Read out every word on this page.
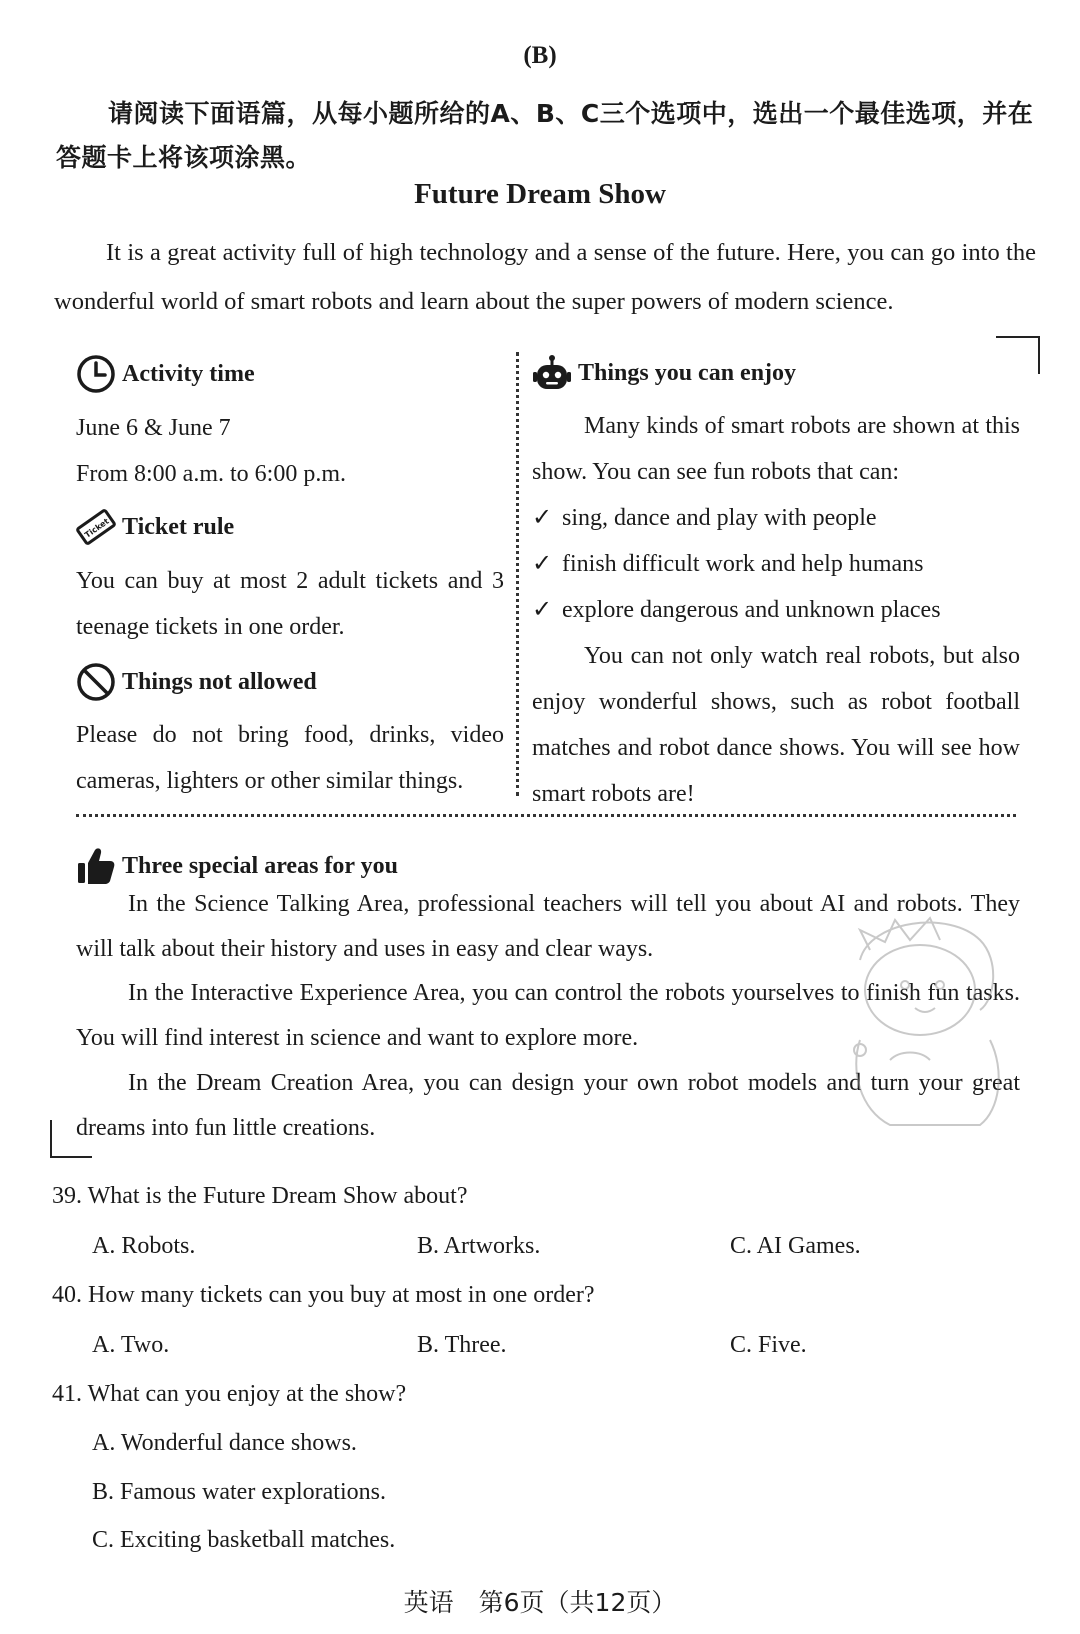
(B)
请阅读下面语篇，从每小题所给的A、B、C三个选项中，选出一个最佳选项，并在答题卡上将该项涂黑。
Future Dream Show
It is a great activity full of high technology and a sense of the future. Here, you can go into the wonderful world of smart robots and learn about the super powers of modern science.
Activity time
June 6 & June 7
From 8:00 a.m. to 6:00 p.m.
Ticket Ticket rule
You can buy at most 2 adult tickets and 3 teenage tickets in one order.
Things not allowed
Please do not bring food, drinks, video cameras, lighters or other similar things.
Things you can enjoy
Many kinds of smart robots are shown at this show. You can see fun robots that can:
✓ sing, dance and play with people
✓ finish difficult work and help humans
✓ explore dangerous and unknown places
You can not only watch real robots, but also enjoy wonderful shows, such as robot football matches and robot dance shows. You will see how smart robots are!
Three special areas for you

In the Science Talking Area, professional teachers will tell you about AI and robots. They will talk about their history and uses in easy and clear ways.

In the Interactive Experience Area, you can control the robots yourselves to finish fun tasks. You will find interest in science and want to explore more.

In the Dream Creation Area, you can design your own robot models and turn your great dreams into fun little creations.

39. What is the Future Dream Show about?
A. Robots.	B. Artworks.	C. AI Games.
40. How many tickets can you buy at most in one order?
A. Two.	B. Three.	C. Five.
41. What can you enjoy at the show?
A. Wonderful dance shows.
B. Famous water explorations.
C. Exciting basketball matches.
英语　第6页（共12页）
